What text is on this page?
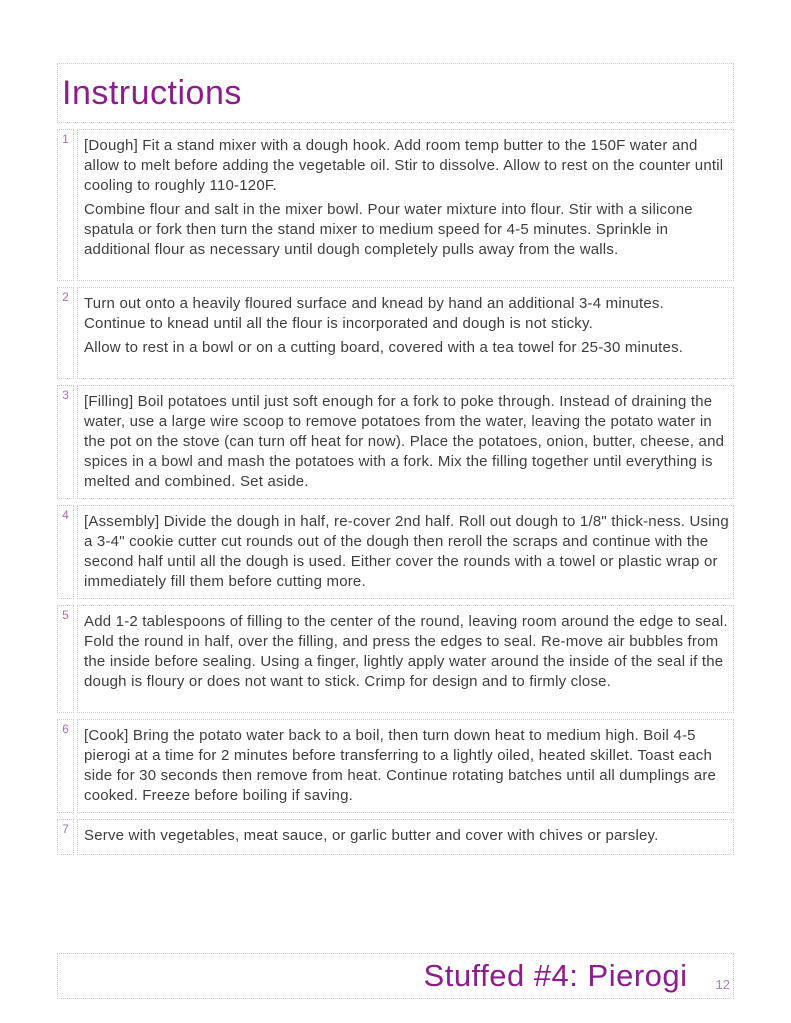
Instructions
1	[Dough] Fit a stand mixer with a dough hook. Add room temp butter to the 150F water and allow to melt before adding the vegetable oil. Stir to dissolve. Allow to rest on the counter until cooling to roughly 110-120F.

Combine flour and salt in the mixer bowl. Pour water mixture into flour. Stir with a silicone spatula or fork then turn the stand mixer to medium speed for 4-5 minutes. Sprinkle in additional flour as necessary until dough completely pulls away from the walls.

2	Turn out onto a heavily floured surface and knead by hand an additional 3-4 minutes. Continue to knead until all the flour is incorporated and dough is not sticky.

Allow to rest in a bowl or on a cutting board, covered with a tea towel for 25-30 minutes.

3	[Filling] Boil potatoes until just soft enough for a fork to poke through. Instead of draining the water, use a large wire scoop to remove potatoes from the water, leaving the potato water in the pot on the stove (can turn off heat for now). Place the potatoes, onion, butter, cheese, and spices in a bowl and mash the potatoes with a fork. Mix the filling together until everything is melted and combined. Set aside.

4	[Assembly] Divide the dough in half, re-cover 2nd half. Roll out dough to 1/8" thick-ness. Using a 3-4" cookie cutter cut rounds out of the dough then reroll the scraps and continue with the second half until all the dough is used. Either cover the rounds with a towel or plastic wrap or immediately fill them before cutting more.

5	Add 1-2 tablespoons of filling to the center of the round, leaving room around the edge to seal. Fold the round in half, over the filling, and press the edges to seal. Re-move air bubbles from the inside before sealing. Using a finger, lightly apply water around the inside of the seal if the dough is floury or does not want to stick. Crimp for design and to firmly close.

6	[Cook] Bring the potato water back to a boil, then turn down heat to medium high. Boil 4-5 pierogi at a time for 2 minutes before transferring to a lightly oiled, heated skillet. Toast each side for 30 seconds then remove from heat. Continue rotating batches until all dumplings are cooked. Freeze before boiling if saving.

7	Serve with vegetables, meat sauce, or garlic butter and cover with chives or parsley.

Stuffed #4: Pierogi 12
